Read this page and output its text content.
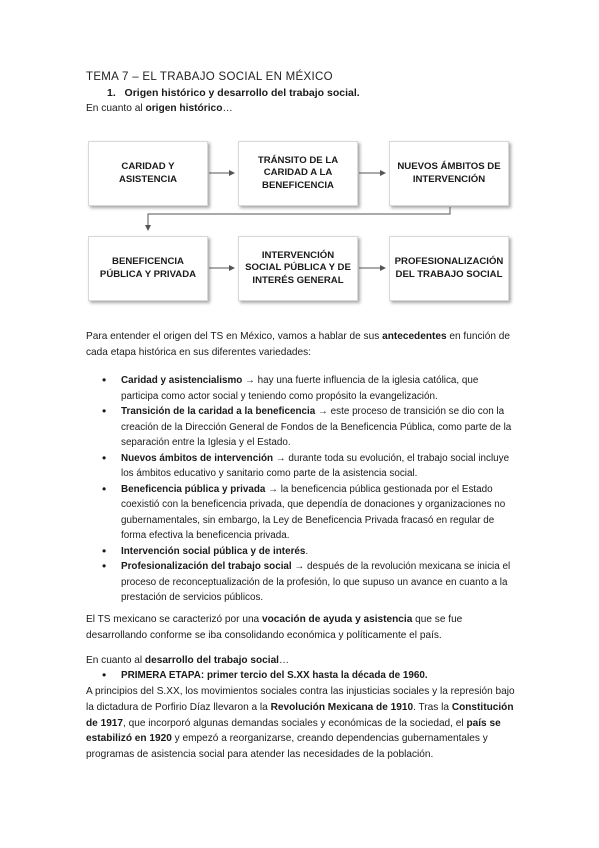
TEMA 7 – EL TRABAJO SOCIAL EN MÉXICO
1. Origen histórico y desarrollo del trabajo social.
En cuanto al origen histórico…
CARIDAD Y ASISTENCIA
TRÁNSITO DE LA CARIDAD A LA BENEFICENCIA
NUEVOS ÁMBITOS DE INTERVENCIÓN
BENEFICENCIA PÚBLICA Y PRIVADA
INTERVENCIÓN SOCIAL PÚBLICA Y DE INTERÉS GENERAL
PROFESIONALIZACIÓN DEL TRABAJO SOCIAL
Para entender el origen del TS en México, vamos a hablar de sus antecedentes en función de cada etapa histórica en sus diferentes variedades:
• Caridad y asistencialismo → hay una fuerte influencia de la iglesia católica, que participa como actor social y teniendo como propósito la evangelización.
• Transición de la caridad a la beneficencia → este proceso de transición se dio con la creación de la Dirección General de Fondos de la Beneficencia Pública, como parte de la separación entre la Iglesia y el Estado.
• Nuevos ámbitos de intervención → durante toda su evolución, el trabajo social incluye los ámbitos educativo y sanitario como parte de la asistencia social.
• Beneficencia pública y privada → la beneficencia pública gestionada por el Estado coexistió con la beneficencia privada, que dependía de donaciones y organizaciones no gubernamentales, sin embargo, la Ley de Beneficencia Privada fracasó en regular de forma efectiva la beneficencia privada.
• Intervención social pública y de interés.
• Profesionalización del trabajo social → después de la revolución mexicana se inicia el proceso de reconceptualización de la profesión, lo que supuso un avance en cuanto a la prestación de servicios públicos.
El TS mexicano se caracterizó por una vocación de ayuda y asistencia que se fue desarrollando conforme se iba consolidando económica y políticamente el país.
En cuanto al desarrollo del trabajo social…
• PRIMERA ETAPA: primer tercio del S.XX hasta la década de 1960.
A principios del S.XX, los movimientos sociales contra las injusticias sociales y la represión bajo la dictadura de Porfirio Díaz llevaron a la Revolución Mexicana de 1910. Tras la Constitución de 1917, que incorporó algunas demandas sociales y económicas de la sociedad, el país se estabilizó en 1920 y empezó a reorganizarse, creando dependencias gubernamentales y programas de asistencia social para atender las necesidades de la población.
